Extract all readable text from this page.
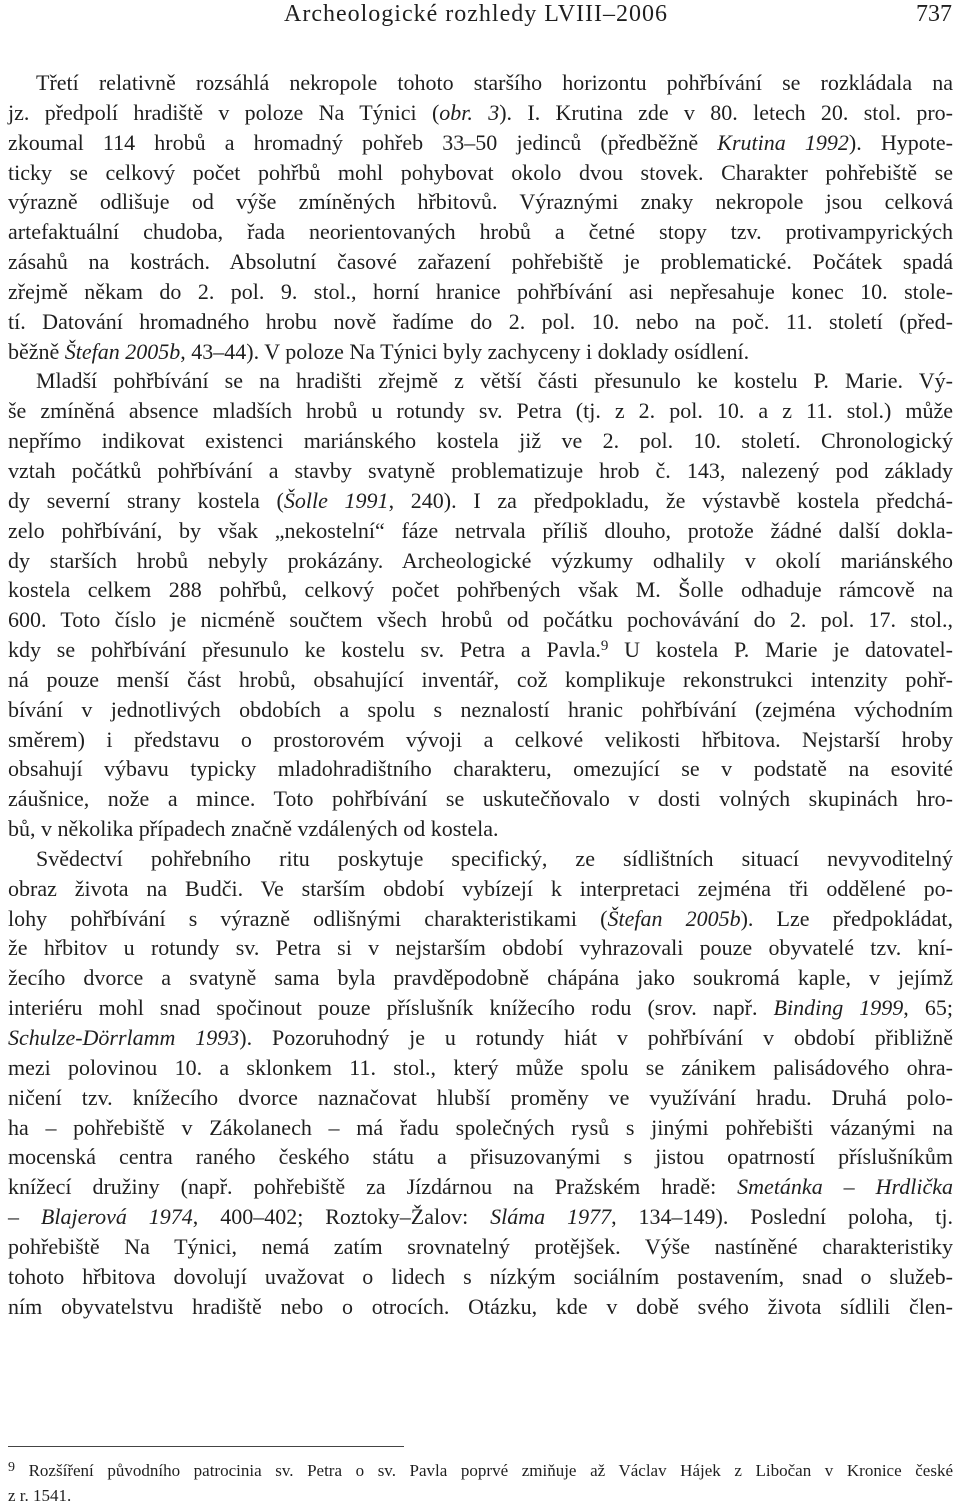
Archeologické rozhledy LVIII–2006	737
Třetí relativně rozsáhlá nekropole tohoto staršího horizontu pohřbívání se rozkládala na
jz. předpolí hradiště v poloze Na Týnici (obr. 3). I. Krutina zde v 80. letech 20. stol. pro-
zkoumal 114 hrobů a hromadný pohřeb 33–50 jedinců (předběžně Krutina 1992). Hypote-
ticky se celkový počet pohřbů mohl pohybovat okolo dvou stovek. Charakter pohřebiště se
výrazně odlišuje od výše zmíněných hřbitovů. Výraznými znaky nekropole jsou celková
artefaktuální chudoba, řada neorientovaných hrobů a četné stopy tzv. protivampyrických
zásahů na kostrách. Absolutní časové zařazení pohřebiště je problematické. Počátek spadá
zřejmě někam do 2. pol. 9. stol., horní hranice pohřbívání asi nepřesahuje konec 10. stole-
tí. Datování hromadného hrobu nově řadíme do 2. pol. 10. nebo na poč. 11. století (před-
běžně Štefan 2005b, 43–44). V poloze Na Týnici byly zachyceny i doklady osídlení.
Mladší pohřbívání se na hradišti zřejmě z větší části přesunulo ke kostelu P. Marie. Vý-
še zmíněná absence mladších hrobů u rotundy sv. Petra (tj. z 2. pol. 10. a z 11. stol.) může
nepřímo indikovat existenci mariánského kostela již ve 2. pol. 10. století. Chronologický
vztah počátků pohřbívání a stavby svatyně problematizuje hrob č. 143, nalezený pod základy
dy severní strany kostela (Šolle 1991, 240). I za předpokladu, že výstavbě kostela předchá-
zelo pohřbívání, by však „nekostelní“ fáze netrvala příliš dlouho, protože žádné další dokla-
dy starších hrobů nebyly prokázány. Archeologické výzkumy odhalily v okolí mariánského
kostela celkem 288 pohřbů, celkový počet pohřbených však M. Šolle odhaduje rámcově na
600. Toto číslo je nicméně součtem všech hrobů od počátku pochovávání do 2. pol. 17. stol.,
kdy se pohřbívání přesunulo ke kostelu sv. Petra a Pavla.$^9$ U kostela P. Marie je datovatel-
ná pouze menší část hrobů, obsahující inventář, což komplikuje rekonstrukci intenzity pohř-
bívání v jednotlivých obdobích a spolu s neznalostí hranic pohřbívání (zejména východním
směrem) i představu o prostorovém vývoji a celkové velikosti hřbitova. Nejstarší hroby
obsahují výbavu typicky mladohradištního charakteru, omezující se v podstatě na esovité
záušnice, nože a mince. Toto pohřbívání se uskutečňovalo v dosti volných skupinách hro-
bů, v několika případech značně vzdálených od kostela.
Svědectví pohřebního ritu poskytuje specifický, ze sídlištních situací nevyvoditelný
obraz života na Budči. Ve starším období vybízejí k interpretaci zejména tři oddělené po-
lohy pohřbívání s výrazně odlišnými charakteristikami (Štefan 2005b). Lze předpokládat,
že hřbitov u rotundy sv. Petra si v nejstarším období vyhrazovali pouze obyvatelé tzv. kní-
žecího dvorce a svatyně sama byla pravděpodobně chápána jako soukromá kaple, v jejímž
interiéru mohl snad spočinout pouze příslušník knížecího rodu (srov. např. Binding 1999, 65;
Schulze-Dörrlamm 1993). Pozoruhodný je u rotundy hiát v pohřbívání v období přibližně
mezi polovinou 10. a sklonkem 11. stol., který může spolu se zánikem palisádového ohra-
ničení tzv. knížecího dvorce naznačovat hlubší proměny ve využívání hradu. Druhá polo-
ha – pohřebiště v Zákolanech – má řadu společných rysů s jinými pohřebišti vázanými na
mocenská centra raného českého státu a přisuzovanými s jistou opatrností příslušníkům
knížecí družiny (např. pohřebiště za Jízdárnou na Pražském hradě: Smetánka – Hrdlička
– Blajerová 1974, 400–402; Roztoky–Žalov: Sláma 1977, 134–149). Poslední poloha, tj.
pohřebiště Na Týnici, nemá zatím srovnatelný protějšek. Výše nastíněné charakteristiky
tohoto hřbitova dovolují uvažovat o lidech s nízkým sociálním postavením, snad o služeb-
ním obyvatelstvu hradiště nebo o otrocích. Otázku, kde v době svého života sídlili člen-
$^9$ Rozšíření původního patrocinia sv. Petra o sv. Pavla poprvé zmiňuje až Václav Hájek z Libočan v Kronice české
z r. 1541.
